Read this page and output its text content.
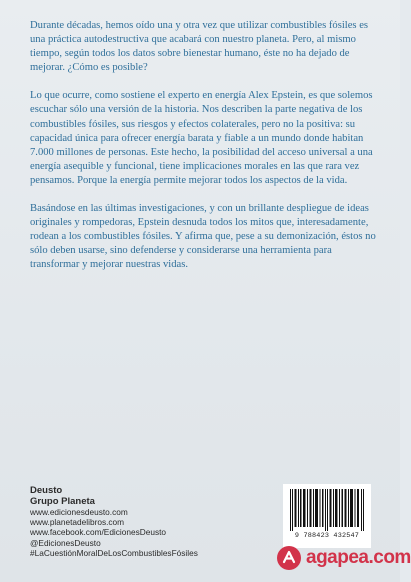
Durante décadas, hemos oído una y otra vez que utilizar combustibles fósiles es una práctica autodestructiva que acabará con nuestro planeta. Pero, al mismo tiempo, según todos los datos sobre bienestar humano, éste no ha dejado de mejorar. ¿Cómo es posible?

Lo que ocurre, como sostiene el experto en energía Alex Epstein, es que solemos escuchar sólo una versión de la historia. Nos describen la parte negativa de los combustibles fósiles, sus riesgos y efectos colaterales, pero no la positiva: su capacidad única para ofrecer energía barata y fiable a un mundo donde habitan 7.000 millones de personas. Este hecho, la posibilidad del acceso universal a una energía asequible y funcional, tiene implicaciones morales en las que rara vez pensamos. Porque la energía permite mejorar todos los aspectos de la vida.

Basándose en las últimas investigaciones, y con un brillante despliegue de ideas originales y rompedoras, Epstein desnuda todos los mitos que, interesadamente, rodean a los combustibles fósiles. Y afirma que, pese a su demonización, éstos no sólo deben usarse, sino defenderse y considerarse una herramienta para transformar y mejorar nuestras vidas.

Deusto
Grupo Planeta
www.edicionesdeusto.com
www.planetadelibros.com
www.facebook.com/EdicionesDeusto
@EdicionesDeusto
#LaCuestiónMoralDeLosCombustiblesFósiles
9 788423 432547
agapea.com
